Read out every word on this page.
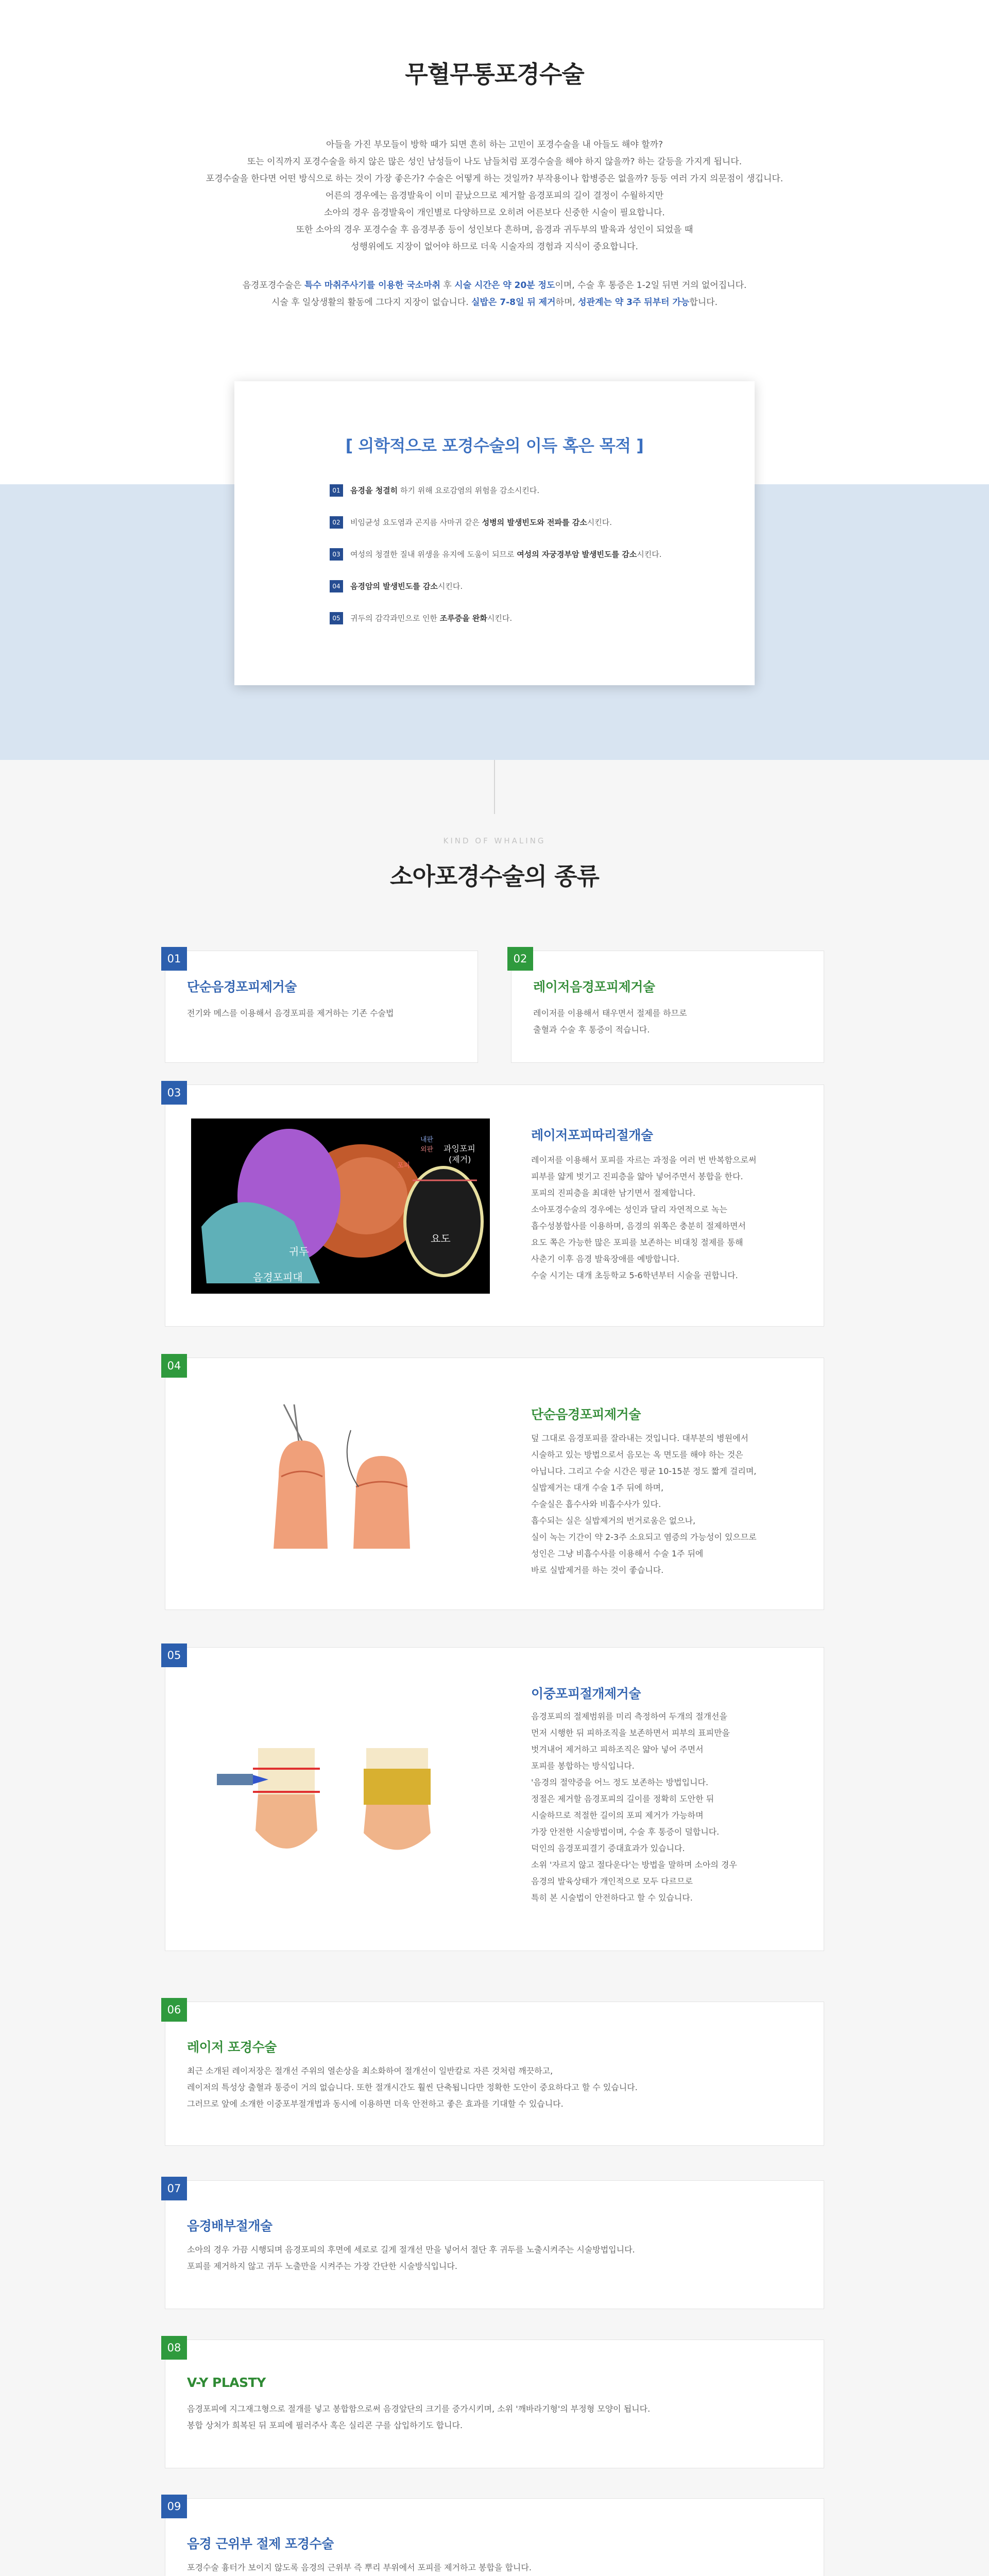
무혈무통포경수술

아들을 가진 부모들이 방학 때가 되면 흔히 하는 고민이 포경수술을 내 아들도 해야 할까?

또는 이직까지 포경수술을 하지 않은 많은 성인 남성들이 나도 남들처럼 포경수술을 해야 하지 않을까? 하는 갈등을 가지게 됩니다.

포경수술을 한다면 어떤 방식으로 하는 것이 가장 좋은가? 수술은 어떻게 하는 것일까? 부작용이나 합병증은 없을까? 등등 여러 가지 의문점이 생깁니다.

어른의 경우에는 음경발육이 이미 끝났으므로 제거할 음경포피의 길이 결정이 수월하지만

소아의 경우 음경발육이 개인별로 다양하므로 오히려 어른보다 신중한 시술이 필요합니다.

또한 소아의 경우 포경수술 후 음경부종 등이 성인보다 흔하며, 음경과 귀두부의 발육과 성인이 되었을 때

성행위에도 지장이 없어야 하므로 더욱 시술자의 경험과 지식이 중요합니다.

음경포경수술은 특수 마취주사기를 이용한 국소마취 후 시술 시간은 약 20분 정도이며, 수술 후 통증은 1-2일 뒤면 거의 없어집니다.

시술 후 일상생활의 활동에 그다지 지장이 없습니다. 실밥은 7-8일 뒤 제거하며, 성관계는 약 3주 뒤부터 가능합니다.

[ 의학적으로 포경수술의 이득 혹은 목적 ]
01	음경을 청결히 하기 위해 요로감염의 위험을 감소시킨다.
02	비임균성 요도염과 곤지름 사마귀 같은 성병의 발생빈도와 전파를 감소시킨다.
03	여성의 청결한 질내 위생을 유지에 도움이 되므로 여성의 자궁경부암 발생빈도를 감소시킨다.
04	음경암의 발생빈도를 감소시킨다.
05	귀두의 감각과민으로 인한 조루증을 완화시킨다.
KIND OF WHALING
소아포경수술의 종류
01
단순음경포피제거술

전기와 메스를 이용해서 음경포피를 제거하는 기존 수술법

02
레이저음경포피제거술

레이저를 이용해서 태우면서 절제를 하므로

출혈과 수술 후 통증이 적습니다.

03
내판
외판 과잉포피
(제거)
포피
귀두
요도
음경포피대
레이저포피따리절개술

레이저를 이용해서 포피를 자르는 과정을 여러 번 반복함으로써

피부를 얇게 벗기고 진피층을 얇아 넣어주면서 봉합을 한다.

포피의 진피층을 최대한 남기면서 절제합니다.

소아포경수술의 경우에는 성인과 달리 자연적으로 녹는

흡수성봉합사를 이용하며, 음경의 위쪽은 충분히 절제하면서

요도 쪽은 가능한 많은 포피를 보존하는 비대칭 절제를 통해

사춘기 이후 음경 발육장애를 예방합니다.

수술 시기는 대개 초등학교 5-6학년부터 시술을 권합니다.

04
단순음경포피제거술

덮 그대로 음경포피를 잘라내는 것입니다. 대부분의 병원에서

시술하고 있는 방법으로서 음모는 옥 면도를 해야 하는 것은

아닙니다. 그리고 수술 시간은 평균 10-15분 정도 짧게 걸리며,

실밥제거는 대개 수술 1주 뒤에 하며,

수술실은 흡수사와 비흡수사가 있다.

흡수되는 실은 실밥제거의 번거로움은 없으나,

실이 녹는 기간이 약 2-3주 소요되고 염증의 가능성이 있으므로

성인은 그냥 비흡수사를 이용해서 수술 1주 뒤에

바로 실밥제거를 하는 것이 좋습니다.

05
이중포피절개제거술

음경포피의 절제범위를 미리 측정하여 두개의 절개선을

먼저 시행한 뒤 피하조직을 보존하면서 피부의 표피만을

벗겨내어 제거하고 피하조직은 얇아 넣어 주면서

포피를 봉합하는 방식입니다.

'음경의 절약증을 어느 정도 보존하는 방법입니다.

정절은 제거할 음경포피의 길이를 정확히 도안한 뒤

시술하므로 적절한 길이의 포피 제거가 가능하며

가장 안전한 시술방법이며, 수술 후 통증이 덜합니다.

덕인의 음경포피결기 증대효과가 있습니다.

소위 '자르지 않고 절다운다'는 방법을 말하며 소아의 경우

음경의 발육상태가 개인적으로 모두 다르므로

특히 본 시술법이 안전하다고 할 수 있습니다.

06
레이저 포경수술

최근 소개된 레이저장은 절개선 주위의 열손상을 최소화하여 절개선이 일반칼로 자른 것처럼 깨끗하고,

레이저의 특성상 출혈과 통증이 거의 없습니다. 또한 절개시간도 훨씬 단축됩니다만 정확한 도안이 중요하다고 할 수 있습니다.

그러므로 앞에 소개한 이중포부절개법과 동시에 이용하면 더욱 안전하고 좋은 효과를 기대할 수 있습니다.

07
음경배부절개술

소아의 경우 가끔 시행되며 음경포피의 후면에 세로로 길게 절개선 만을 넣어서 절단 후 귀두를 노출시켜주는 시술방법입니다.

포피를 제거하지 않고 귀두 노출만을 시켜주는 가장 간단한 시술방식입니다.

08
V-Y PLASTY

음경포피에 지그재그형으로 절개를 넣고 봉합함으로써 음경앞단의 크기를 증가시키며, 소위 '깨바라기형'의 부정형 모양이 됩니다.

봉합 상처가 희복된 뒤 포피에 필러주사 혹은 실리콘 구를 삽입하기도 합니다.

09
음경 근위부 절제 포경수술

포경수술 흉터가 보이지 않도록 음경의 근위부 즉 뿌리 부위에서 포피를 제거하고 봉합을 합니다.
